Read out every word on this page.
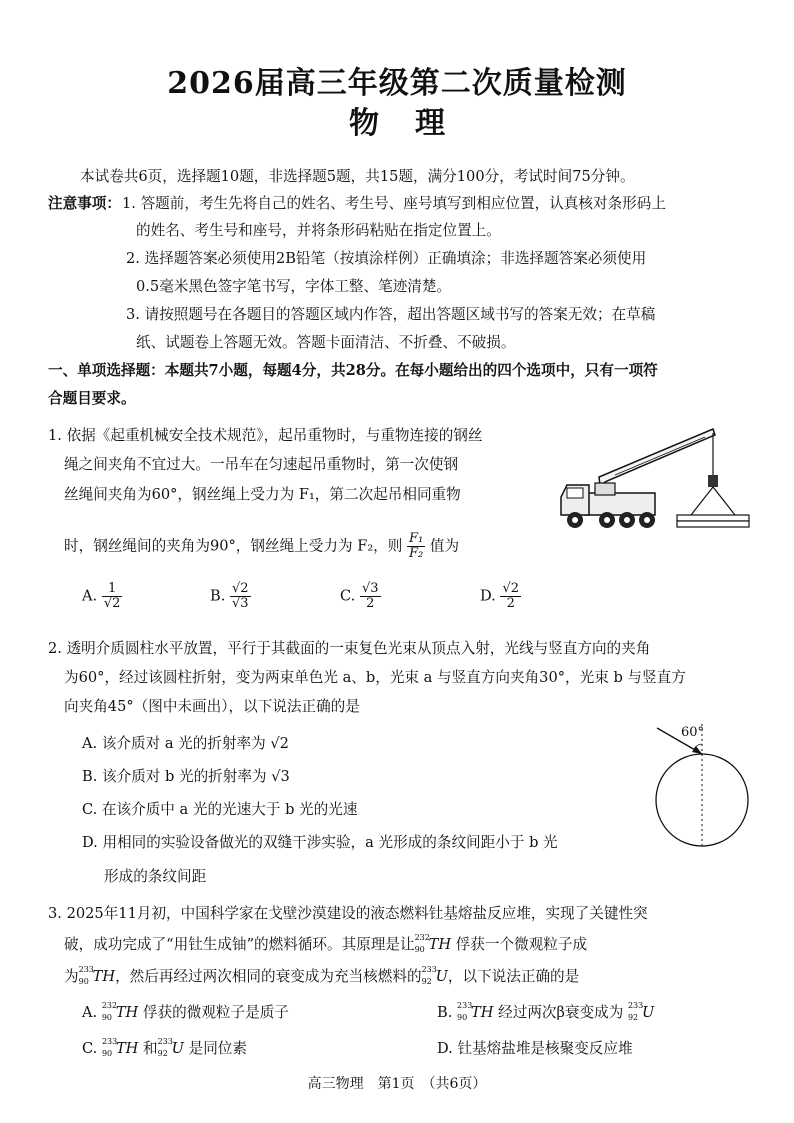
2026届高三年级第二次质量检测
物理
本试卷共6页，选择题10题，非选择题5题，共15题，满分100分，考试时间75分钟。
注意事项： 1. 答题前，考生先将自己的姓名、考生号、座号填写到相应位置，认真核对条形码上
的姓名、考生号和座号，并将条形码粘贴在指定位置上。
2. 选择题答案必须使用2B铅笔（按填涂样例）正确填涂；非选择题答案必须使用
0.5毫米黑色签字笔书写，字体工整、笔迹清楚。
3. 请按照题号在各题目的答题区域内作答，超出答题区域书写的答案无效；在草稿
纸、试题卷上答题无效。答题卡面清洁、不折叠、不破损。
一、单项选择题：本题共7小题，每题4分，共28分。在每小题给出的四个选项中，只有一项符
合题目要求。
1. 依据《起重机械安全技术规范》，起吊重物时，与重物连接的钢丝
绳之间夹角不宜过大。一吊车在匀速起吊重物时，第一次使钢
丝绳间夹角为60°，钢丝绳上受力为 F₁，第二次起吊相同重物
时，钢丝绳间的夹角为90°，钢丝绳上受力为 F₂，则 $\frac{\text{F₁}}{\text{F₂}}$ 值为
A. $\frac{1}{√2}$	B. $\frac{√2}{√3}$	C. $\frac{√3}{2}$	D. $\frac{√2}{2}$
2. 透明介质圆柱水平放置，平行于其截面的一束复色光束从顶点入射，光线与竖直方向的夹角
为60°，经过该圆柱折射，变为两束单色光 a、b，光束 a 与竖直方向夹角30°，光束 b 与竖直方
向夹角45°（图中未画出），以下说法正确的是
A. 该介质对 a 光的折射率为 √2
B. 该介质对 b 光的折射率为 √3
C. 在该介质中 a 光的光速大于 b 光的光速
D. 用相同的实验设备做光的双缝干涉实验，a 光形成的条纹间距小于 b 光
形成的条纹间距
60°
3. 2025年11月初，中国科学家在戈壁沙漠建设的液态燃料钍基熔盐反应堆，实现了关键性突
破，成功完成了“用钍生成铀”的燃料循环。其原理是让 232
90 TH 俘获一个微观粒子成
为 233
90 TH，然后再经过两次相同的衰变成为充当核燃料的 233
92 U，以下说法正确的是
A. 232
90 TH 俘获的微观粒子是质子	B. 233
90 TH 经过两次β衰变成为 233
92 U
C. 233
90 TH 和 233
92 U 是同位素	D. 钍基熔盐堆是核聚变反应堆
高三物理　第1页　（共6页）
